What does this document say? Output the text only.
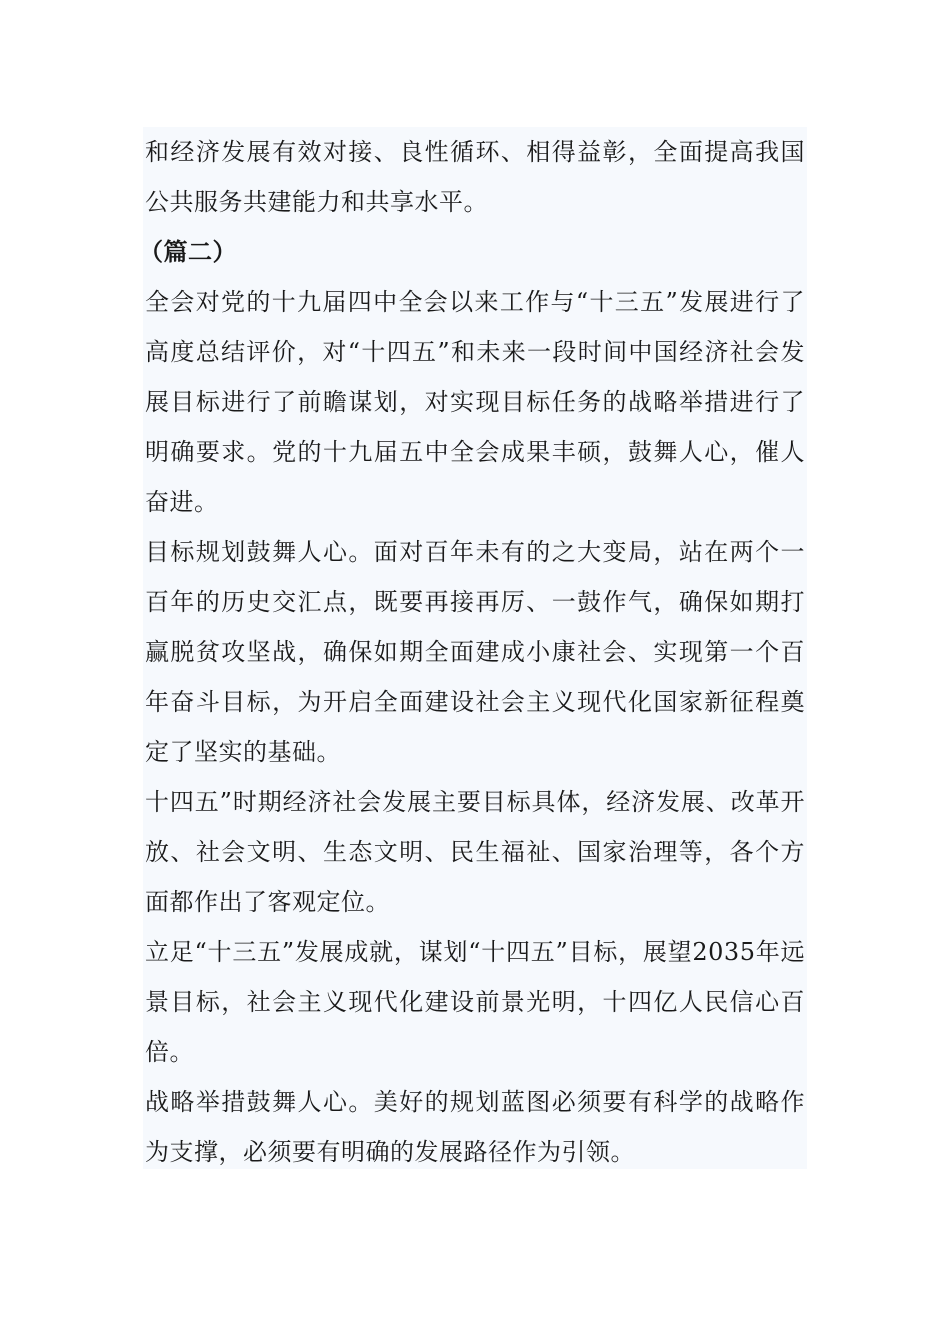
和经济发展有效对接、良性循环、相得益彰，全面提高我国公共服务共建能力和共享水平。

（篇二）

全会对党的十九届四中全会以来工作与“十三五”发展进行了高度总结评价，对“十四五”和未来一段时间中国经济社会发展目标进行了前瞻谋划，对实现目标任务的战略举措进行了明确要求。党的十九届五中全会成果丰硕，鼓舞人心，催人奋进。

目标规划鼓舞人心。面对百年未有的之大变局，站在两个一百年的历史交汇点，既要再接再厉、一鼓作气，确保如期打赢脱贫攻坚战，确保如期全面建成小康社会、实现第一个百年奋斗目标，为开启全面建设社会主义现代化国家新征程奠定了坚实的基础。

十四五”时期经济社会发展主要目标具体，经济发展、改革开放、社会文明、生态文明、民生福祉、国家治理等，各个方面都作出了客观定位。

立足“十三五”发展成就，谋划“十四五”目标，展望2035年远景目标，社会主义现代化建设前景光明，十四亿人民信心百倍。

战略举措鼓舞人心。美好的规划蓝图必须要有科学的战略作为支撑，必须要有明确的发展路径作为引领。
